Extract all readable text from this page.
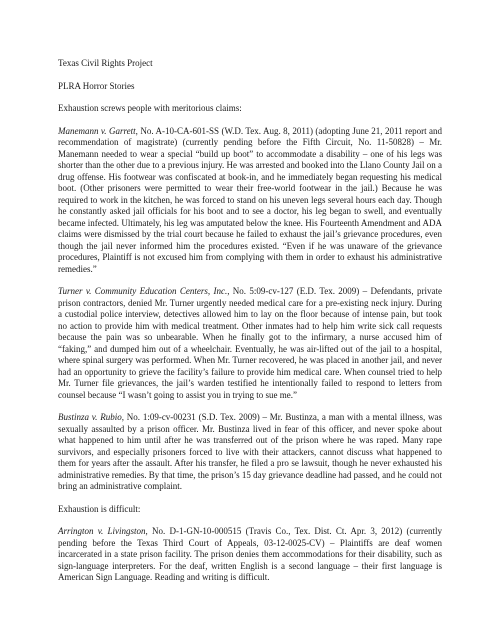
Texas Civil Rights Project

PLRA Horror Stories

Exhaustion screws people with meritorious claims:

Manemann v. Garrett, No. A-10-CA-601-SS (W.D. Tex. Aug. 8, 2011) (adopting June 21, 2011 report and recommendation of magistrate) (currently pending before the Fifth Circuit, No. 11-50828) – Mr. Manemann needed to wear a special “build up boot” to accommodate a disability – one of his legs was shorter than the other due to a previous injury. He was arrested and booked into the Llano County Jail on a drug offense. His footwear was confiscated at book-in, and he immediately began requesting his medical boot. (Other prisoners were permitted to wear their free-world footwear in the jail.) Because he was required to work in the kitchen, he was forced to stand on his uneven legs several hours each day. Though he constantly asked jail officials for his boot and to see a doctor, his leg began to swell, and eventually became infected. Ultimately, his leg was amputated below the knee. His Fourteenth Amendment and ADA claims were dismissed by the trial court because he failed to exhaust the jail’s grievance procedures, even though the jail never informed him the procedures existed. “Even if he was unaware of the grievance procedures, Plaintiff is not excused him from complying with them in order to exhaust his administrative remedies.”

Turner v. Community Education Centers, Inc., No. 5:09-cv-127 (E.D. Tex. 2009) – Defendants, private prison contractors, denied Mr. Turner urgently needed medical care for a pre-existing neck injury. During a custodial police interview, detectives allowed him to lay on the floor because of intense pain, but took no action to provide him with medical treatment. Other inmates had to help him write sick call requests because the pain was so unbearable. When he finally got to the infirmary, a nurse accused him of “faking,” and dumped him out of a wheelchair. Eventually, he was air-lifted out of the jail to a hospital, where spinal surgery was performed. When Mr. Turner recovered, he was placed in another jail, and never had an opportunity to grieve the facility’s failure to provide him medical care. When counsel tried to help Mr. Turner file grievances, the jail’s warden testified he intentionally failed to respond to letters from counsel because “I wasn’t going to assist you in trying to sue me.”

Bustinza v. Rubio, No. 1:09-cv-00231 (S.D. Tex. 2009) – Mr. Bustinza, a man with a mental illness, was sexually assaulted by a prison officer. Mr. Bustinza lived in fear of this officer, and never spoke about what happened to him until after he was transferred out of the prison where he was raped. Many rape survivors, and especially prisoners forced to live with their attackers, cannot discuss what happened to them for years after the assault. After his transfer, he filed a pro se lawsuit, though he never exhausted his administrative remedies. By that time, the prison’s 15 day grievance deadline had passed, and he could not bring an administrative complaint.

Exhaustion is difficult:

Arrington v. Livingston, No. D-1-GN-10-000515 (Travis Co., Tex. Dist. Ct. Apr. 3, 2012) (currently pending before the Texas Third Court of Appeals, 03-12-0025-CV) – Plaintiffs are deaf women incarcerated in a state prison facility. The prison denies them accommodations for their disability, such as sign-language interpreters. For the deaf, written English is a second language – their first language is American Sign Language. Reading and writing is difficult.
